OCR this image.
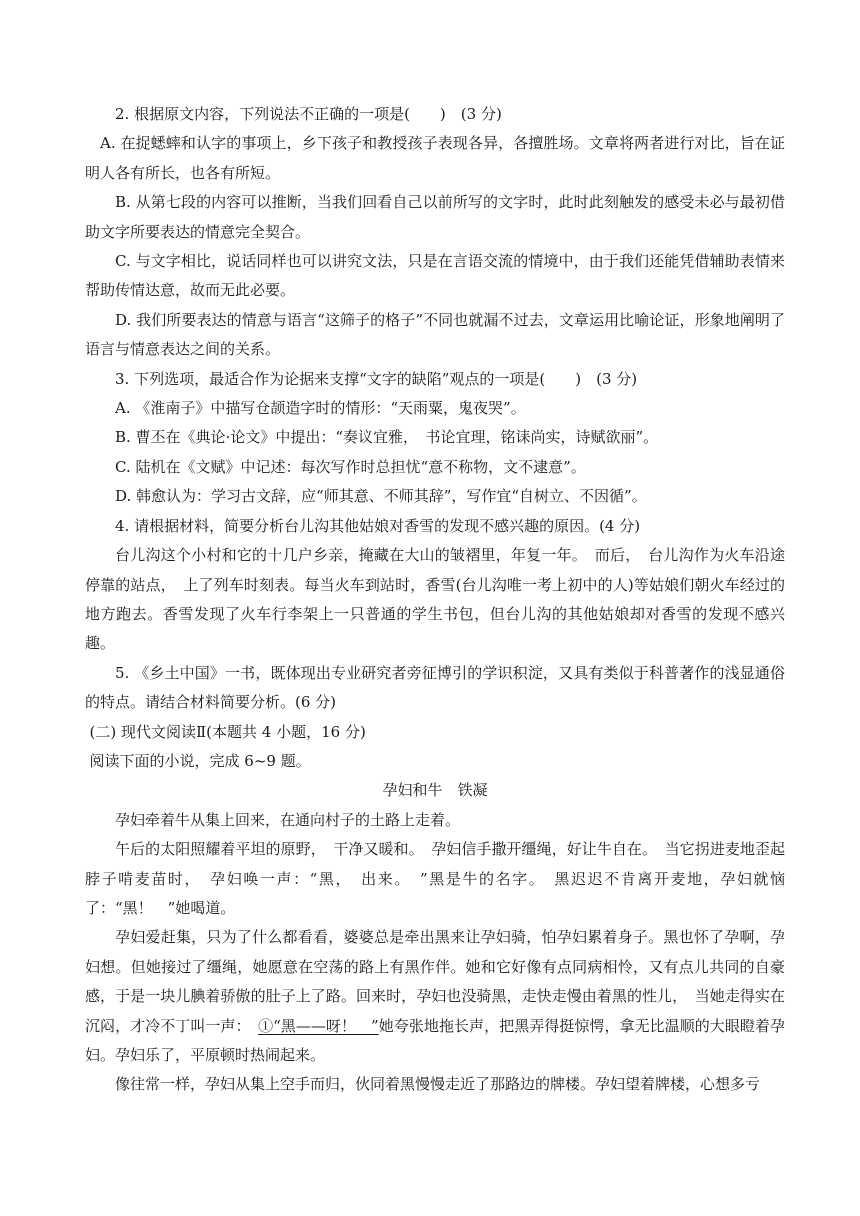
2. 根据原文内容，下列说法不正确的一项是(　　)　(3 分)

A. 在捉蟋蟀和认字的事项上，乡下孩子和教授孩子表现各异，各擅胜场。文章将两者进行对比，旨在证明人各有所长，也各有所短。

B. 从第七段的内容可以推断，当我们回看自己以前所写的文字时，此时此刻触发的感受未必与最初借助文字所要表达的情意完全契合。

C. 与文字相比，说话同样也可以讲究文法，只是在言语交流的情境中，由于我们还能凭借辅助表情来帮助传情达意，故而无此必要。

D. 我们所要表达的情意与语言“这筛子的格子”不同也就漏不过去，文章运用比喻论证，形象地阐明了语言与情意表达之间的关系。

3. 下列选项，最适合作为论据来支撑“文字的缺陷”观点的一项是(　　)　(3 分)

A. 《淮南子》中描写仓颉造字时的情形：“天雨粟，鬼夜哭”。

B. 曹丕在《典论·论文》中提出：“奏议宜雅，　书论宜理，铭诔尚实，诗赋欲丽”。

C. 陆机在《文赋》中记述：每次写作时总担忧“意不称物，文不逮意”。

D. 韩愈认为：学习古文辞，应“师其意、不师其辞”，写作宜“自树立、不因循”。

4. 请根据材料，简要分析台儿沟其他姑娘对香雪的发现不感兴趣的原因。(4 分)

台儿沟这个小村和它的十几户乡亲，掩藏在大山的皱褶里，年复一年。　而后，　台儿沟作为火车沿途停靠的站点，　上了列车时刻表。每当火车到站时，香雪(台儿沟唯一考上初中的人)等姑娘们朝火车经过的地方跑去。香雪发现了火车行李架上一只普通的学生书包，但台儿沟的其他姑娘却对香雪的发现不感兴趣。

5. 《乡土中国》一书，既体现出专业研究者旁征博引的学识积淀，又具有类似于科普著作的浅显通俗的特点。请结合材料简要分析。(6 分)

(二) 现代文阅读Ⅱ(本题共 4 小题，16 分)

阅读下面的小说，完成 6~9 题。

孕妇和牛　铁凝

孕妇牵着牛从集上回来，在通向村子的土路上走着。

午后的太阳照耀着平坦的原野，　干净又暖和。　孕妇信手撒开缰绳，好让牛自在。　当它拐进麦地歪起脖子啃麦苗时，　孕妇唤一声：“黑，　出来。　”黑是牛的名字。　黑迟迟不肯离开麦地，孕妇就恼了：“黑！　”她喝道。

孕妇爱赶集，只为了什么都看看，婆婆总是牵出黑来让孕妇骑，怕孕妇累着身子。黑也怀了孕啊，孕妇想。但她接过了缰绳，她愿意在空荡的路上有黑作伴。她和它好像有点同病相怜，又有点儿共同的自豪感，于是一块儿腆着骄傲的肚子上了路。回来时，孕妇也没骑黑，走快走慢由着黑的性儿，　当她走得实在沉闷，才冷不丁叫一声：　①“黑——呀！　”她夸张地拖长声，把黑弄得挺惊愕，拿无比温顺的大眼瞪着孕妇。孕妇乐了，平原顿时热闹起来。

像往常一样，孕妇从集上空手而归，伙同着黑慢慢走近了那路边的牌楼。孕妇望着牌楼，心想多亏
